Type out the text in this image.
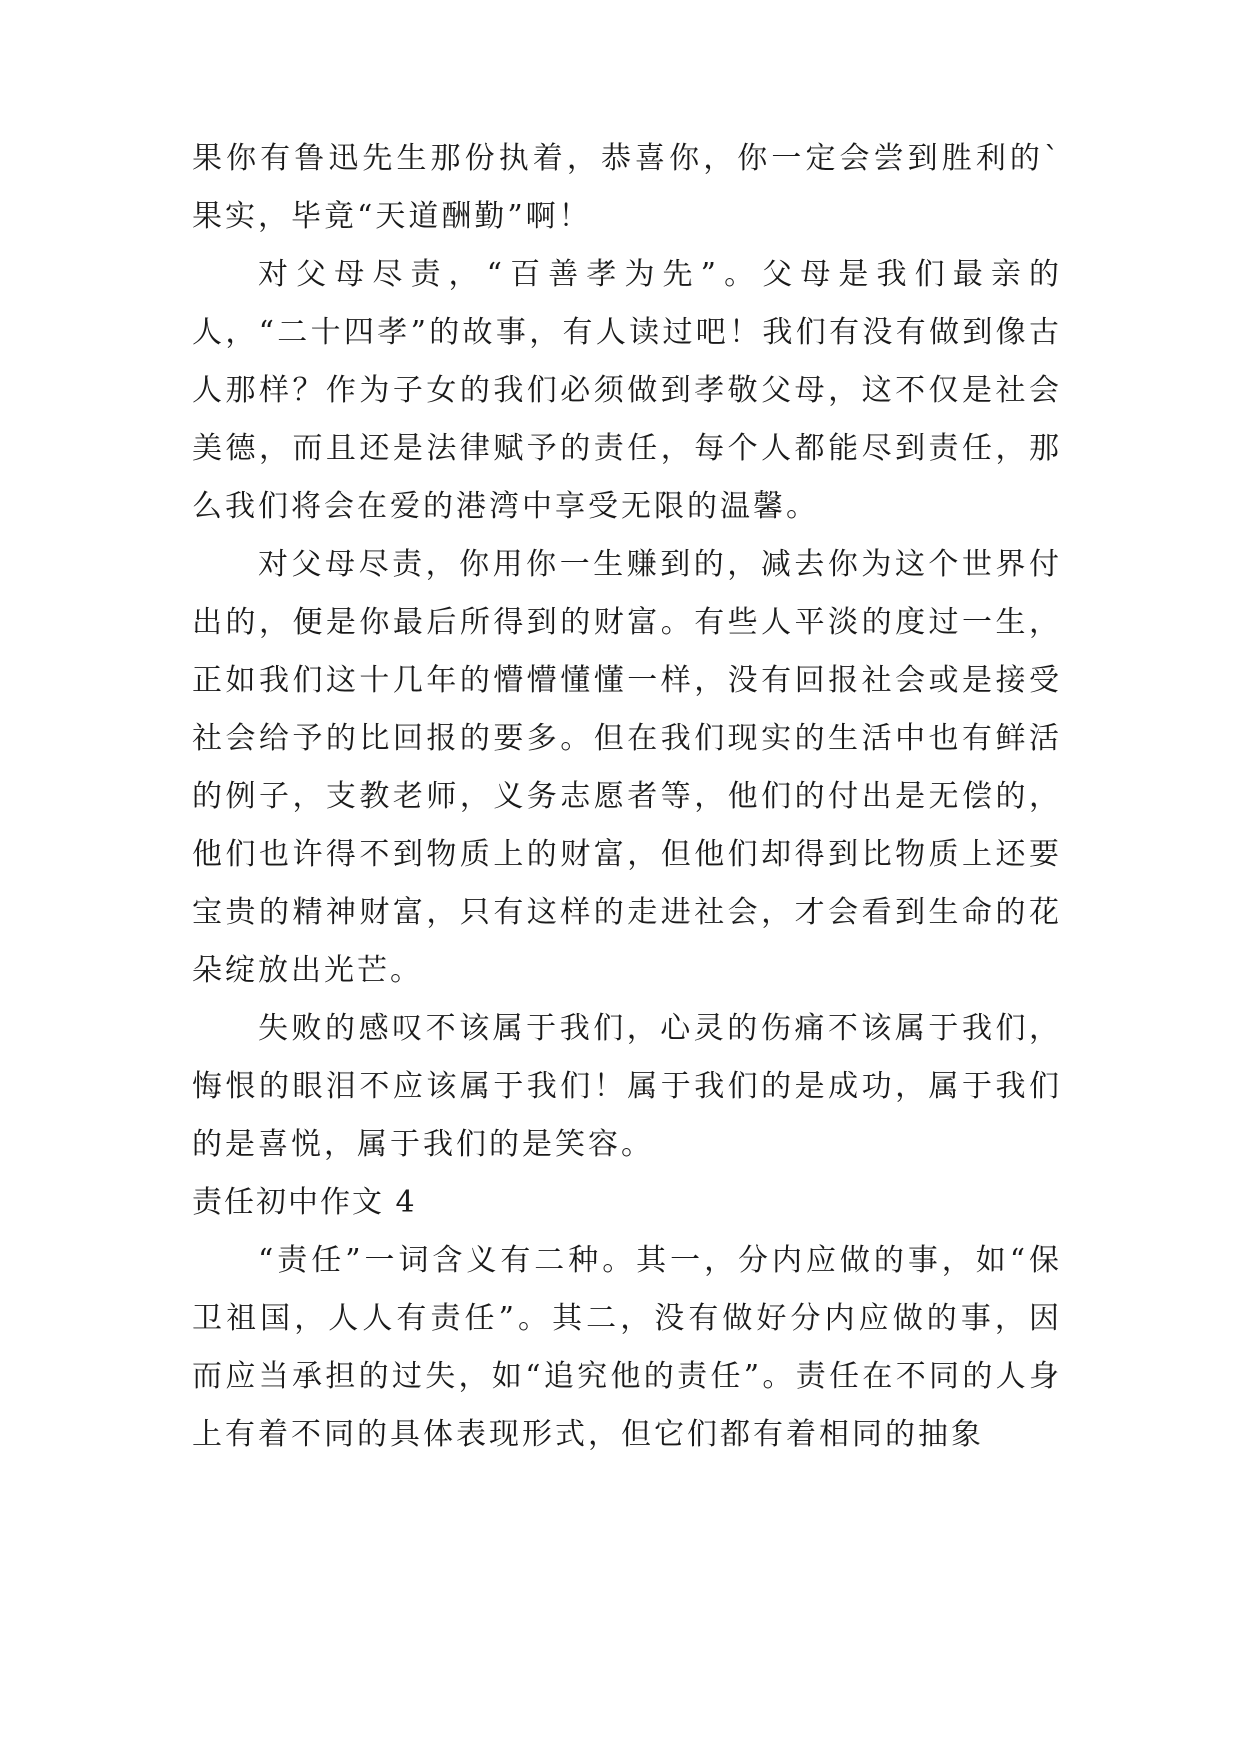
果你有鲁迅先生那份执着，恭喜你，你一定会尝到胜利的`果实，毕竟“天道酬勤”啊！

对父母尽责，“百善孝为先”。父母是我们最亲的人，“二十四孝”的故事，有人读过吧！我们有没有做到像古人那样？作为子女的我们必须做到孝敬父母，这不仅是社会美德，而且还是法律赋予的责任，每个人都能尽到责任，那么我们将会在爱的港湾中享受无限的温馨。

对父母尽责，你用你一生赚到的，减去你为这个世界付出的，便是你最后所得到的财富。有些人平淡的度过一生，正如我们这十几年的懵懵懂懂一样，没有回报社会或是接受社会给予的比回报的要多。但在我们现实的生活中也有鲜活的例子，支教老师，义务志愿者等，他们的付出是无偿的，他们也许得不到物质上的财富，但他们却得到比物质上还要宝贵的精神财富，只有这样的走进社会，才会看到生命的花朵绽放出光芒。

失败的感叹不该属于我们，心灵的伤痛不该属于我们，悔恨的眼泪不应该属于我们！属于我们的是成功，属于我们的是喜悦，属于我们的是笑容。

责任初中作文 4

“责任”一词含义有二种。其一，分内应做的事，如“保卫祖国，人人有责任”。其二，没有做好分内应做的事，因而应当承担的过失，如“追究他的责任”。责任在不同的人身上有着不同的具体表现形式，但它们都有着相同的抽象
